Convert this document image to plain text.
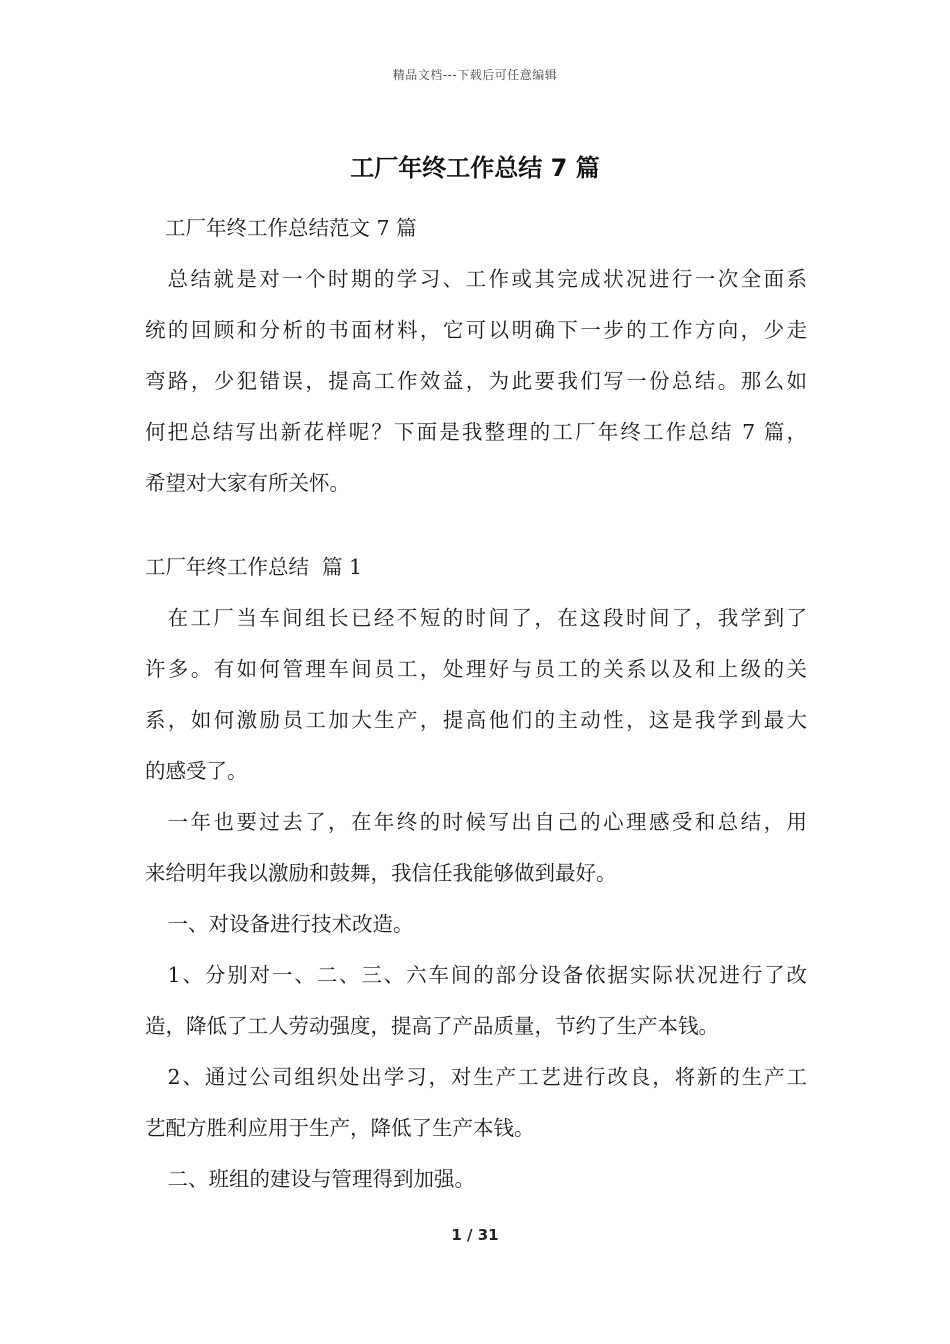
精品文档---下载后可任意编辑
工厂年终工作总结 7 篇
工厂年终工作总结范文 7 篇
总结就是对一个时期的学习、工作或其完成状况进行一次全面系
统的回顾和分析的书面材料，它可以明确下一步的工作方向，少走
弯路，少犯错误，提高工作效益，为此要我们写一份总结。那么如
何把总结写出新花样呢？下面是我整理的工厂年终工作总结 7 篇，
希望对大家有所关怀。
工厂年终工作总结  篇 1
在工厂当车间组长已经不短的时间了，在这段时间了，我学到了
许多。有如何管理车间员工，处理好与员工的关系以及和上级的关
系，如何激励员工加大生产，提高他们的主动性，这是我学到最大
的感受了。
一年也要过去了，在年终的时候写出自己的心理感受和总结，用
来给明年我以激励和鼓舞，我信任我能够做到最好。
一、对设备进行技术改造。
1、分别对一、二、三、六车间的部分设备依据实际状况进行了改
造，降低了工人劳动强度，提高了产品质量，节约了生产本钱。
2、通过公司组织处出学习，对生产工艺进行改良，将新的生产工
艺配方胜利应用于生产，降低了生产本钱。
二、班组的建设与管理得到加强。
1 / 31
